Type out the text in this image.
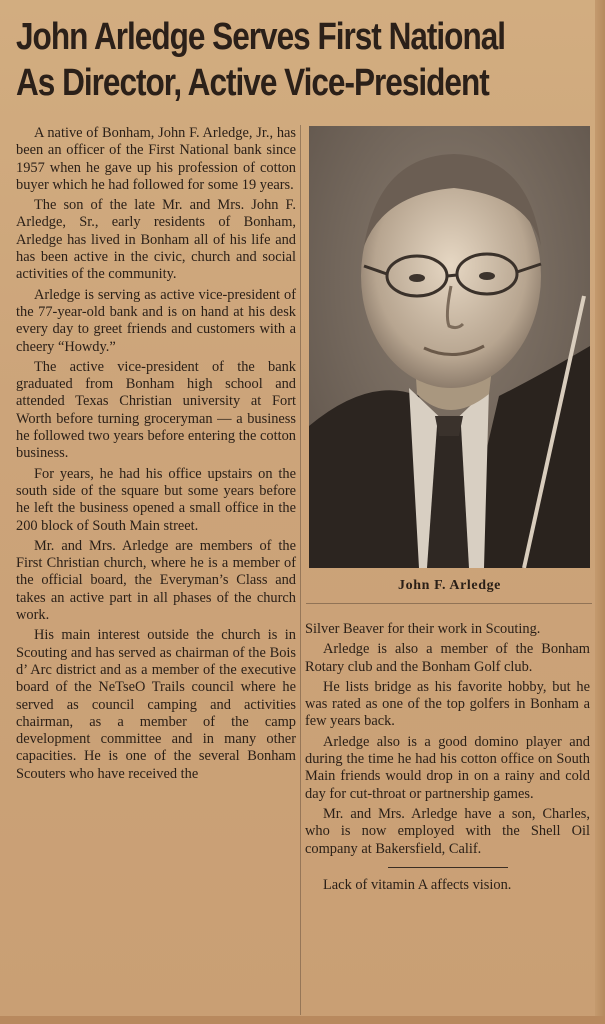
John Arledge Serves First National
As Director, Active Vice-President

A native of Bonham, John F. Arledge, Jr., has been an officer of the First National bank since 1957 when he gave up his profession of cotton buyer which he had followed for some 19 years.

The son of the late Mr. and Mrs. John F. Arledge, Sr., early residents of Bonham, Arledge has lived in Bonham all of his life and has been active in the civic, church and social activities of the community.

Arledge is serving as active vice-president of the 77-year-old bank and is on hand at his desk every day to greet friends and customers with a cheery “Howdy.”

The active vice-president of the bank graduated from Bonham high school and attended Texas Christian university at Fort Worth before turning groceryman — a business he followed two years before entering the cotton business.

For years, he had his office upstairs on the south side of the square but some years before he left the business opened a small office in the 200 block of South Main street.

Mr. and Mrs. Arledge are members of the First Christian church, where he is a member of the official board, the Everyman’s Class and takes an active part in all phases of the church work.

His main interest outside the church is in Scouting and has served as chairman of the Bois d’ Arc district and as a member of the executive board of the NeTseO Trails council where he served as council camping and activities chairman, as a member of the camp development committee and in many other capacities. He is one of the several Bonham Scouters who have received the

John F. Arledge

Silver Beaver for their work in Scouting.

Arledge is also a member of the Bonham Rotary club and the Bonham Golf club.

He lists bridge as his favorite hobby, but he was rated as one of the top golfers in Bonham a few years back.

Arledge also is a good domino player and during the time he had his cotton office on South Main friends would drop in on a rainy and cold day for cut-throat or partnership games.

Mr. and Mrs. Arledge have a son, Charles, who is now employed with the Shell Oil company at Bakersfield, Calif.

Lack of vitamin A affects vision.
